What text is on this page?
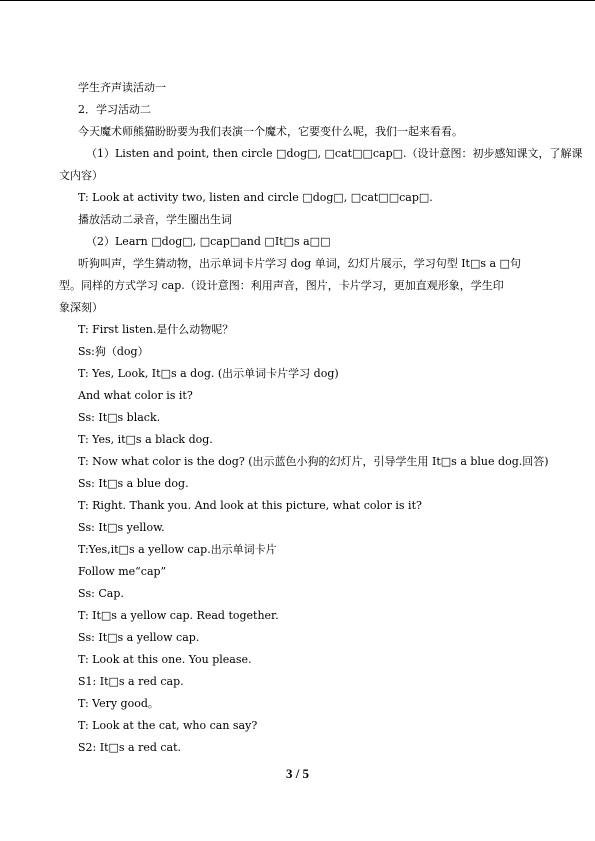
学生齐声读活动一
2．学习活动二
今天魔术师熊猫盼盼要为我们表演一个魔术，它要变什么呢，我们一起来看看。
（1）Listen and point, then circle □dog□, □cat□□cap□.（设计意图：初步感知课文，了解课
文内容）
T: Look at activity two, listen and circle □dog□, □cat□□cap□.
播放活动二录音，学生圈出生词
（2）Learn □dog□, □cap□and □It□s a□□
听狗叫声，学生猜动物，出示单词卡片学习 dog 单词，幻灯片展示，学习句型 It□s a □句
型。同样的方式学习 cap.（设计意图：利用声音，图片，卡片学习，更加直观形象，学生印
象深刻）
T: First listen.是什么动物呢？
Ss:狗（dog）
T: Yes, Look, It□s a dog. (出示单词卡片学习 dog)
And what color is it?
Ss: It□s black.
T: Yes, it□s a black dog.
T: Now what color is the dog? (出示蓝色小狗的幻灯片，引导学生用 It□s a blue dog.回答)
Ss: It□s a blue dog.
T: Right. Thank you. And look at this picture, what color is it?
Ss: It□s yellow.
T:Yes,it□s a yellow cap.出示单词卡片
Follow me“cap”
Ss: Cap.
T: It□s a yellow cap. Read together.
Ss: It□s a yellow cap.
T: Look at this one. You please.
S1: It□s a red cap.
T: Very good。
T: Look at the cat, who can say?
S2: It□s a red cat.
3 / 5
